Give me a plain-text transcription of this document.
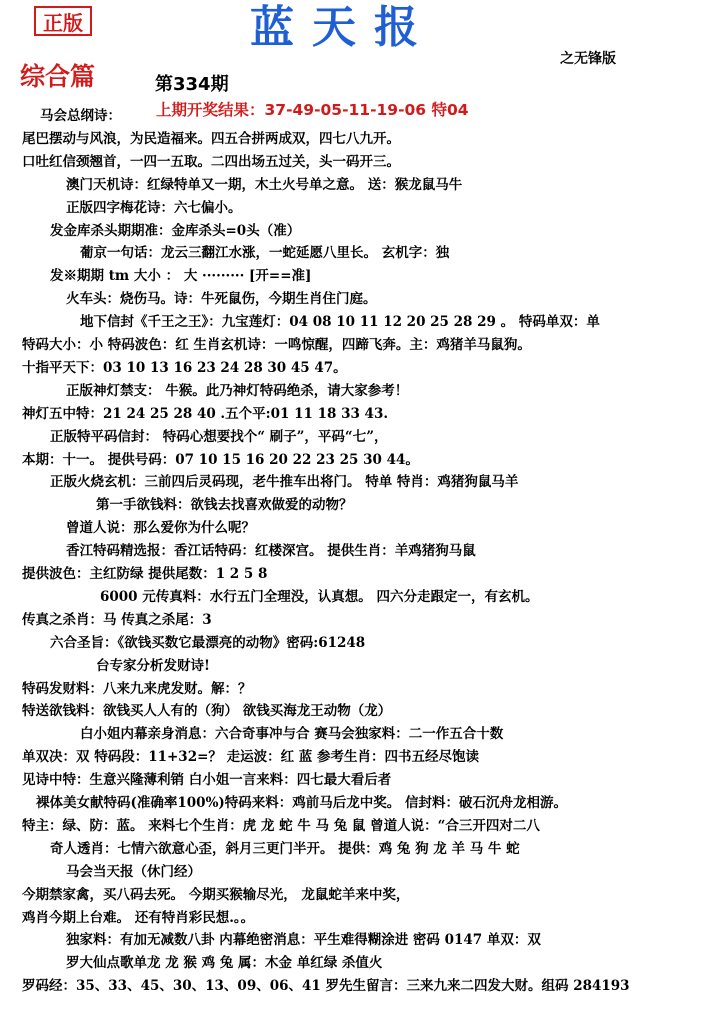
正版	蓝天报
之无锋版
综合篇	第334期
上期开奖结果：37-49-05-11-19-06 特04
马会总纲诗：
尾巴摆动与风浪，为民造福来。四五合拼两成双，四七八九开。
口吐红信颈翘首，一四一五取。二四出场五过关，头一码开三。
澳门天机诗：红绿特单又一期，木土火号单之意。 送：猴龙鼠马牛
正版四字梅花诗：六七偏小。
发金库杀头期期准：金库杀头=0头（准）
葡京一句话：龙云三翻江水涨，一蛇延愿八里长。 玄机字：独
发※期期 tm 大小 ： 大 ········· [开==准]
火车头：烧伤马。诗：牛死鼠伤，今期生肖住门庭。
地下信封《千王之王》：九宝莲灯：04 08 10 11 12 20 25 28 29 。 特码单双：单
特码大小：小 特码波色：红 生肖玄机诗：一鸣惊醒，四蹄飞奔。主：鸡猪羊马鼠狗。
十指平天下：03 10 13 16 23 24 28 30 45 47。
正版神灯禁支： 牛猴。此乃神灯特码绝杀，请大家参考！
神灯五中特：21 24 25 28 40 .五个平:01 11 18 33 43.
正版特平码信封： 特码心想要找个“ 刷子”，平码“七”，
本期：十一。 提供号码：07 10 15 16 20 22 23 25 30 44。
正版火烧玄机：三前四后灵码现，老牛推车出将门。 特单 特肖：鸡猪狗鼠马羊
第一手欲钱料：欲钱去找喜欢做爱的动物？
曾道人说：那么爱你为什么呢？
香江特码精选报：香江话特码：红楼深宫。 提供生肖：羊鸡猪狗马鼠
提供波色：主红防绿 提供尾数：1 2 5 8
6000 元传真料：水行五门全理没，认真想。 四六分走跟定一，有玄机。
传真之杀肖：马 传真之杀尾：3
六合圣旨：《欲钱买数它最漂亮的动物》密码:61248
台专家分析发财诗!
特码发财料：八来九来虎发财。解：？
特送欲钱料：欲钱买人人有的（狗） 欲钱买海龙王动物（龙）
白小姐内幕亲身消息：六合奇事冲与合 赛马会独家料：二一作五合十数
单双决：双 特码段：11+32=？ 走运波：红 蓝 参考生肖：四书五经尽饱读
见诗中特：生意兴隆薄利销 白小姐一言来料：四七最大看后者
裸体美女献特码(准确率100%)特码来料：鸡前马后龙中奖。 信封料：破石沉舟龙相游。
特主：绿、防：蓝。 来料七个生肖：虎 龙 蛇 牛 马 兔 鼠 曾道人说：“合三开四对二八
奇人透肖：七情六欲意心歪，斜月三更门半开。 提供：鸡 兔 狗 龙 羊 马 牛 蛇
马会当天报（休门经）
今期禁家禽，买八码去死。 今期买猴输尽光， 龙鼠蛇羊来中奖，
鸡肖今期上台难。 还有特肖彩民想.。。
独家料：有加无减数八卦 内幕绝密消息：平生难得糊涂进 密码 0147 单双：双
罗大仙点歌单龙 龙 猴 鸡 兔 属：木金 单红绿 杀值火
罗码经：35、33、45、30、13、09、06、41 罗先生留言：三来九来二四发大财。组码 284193
